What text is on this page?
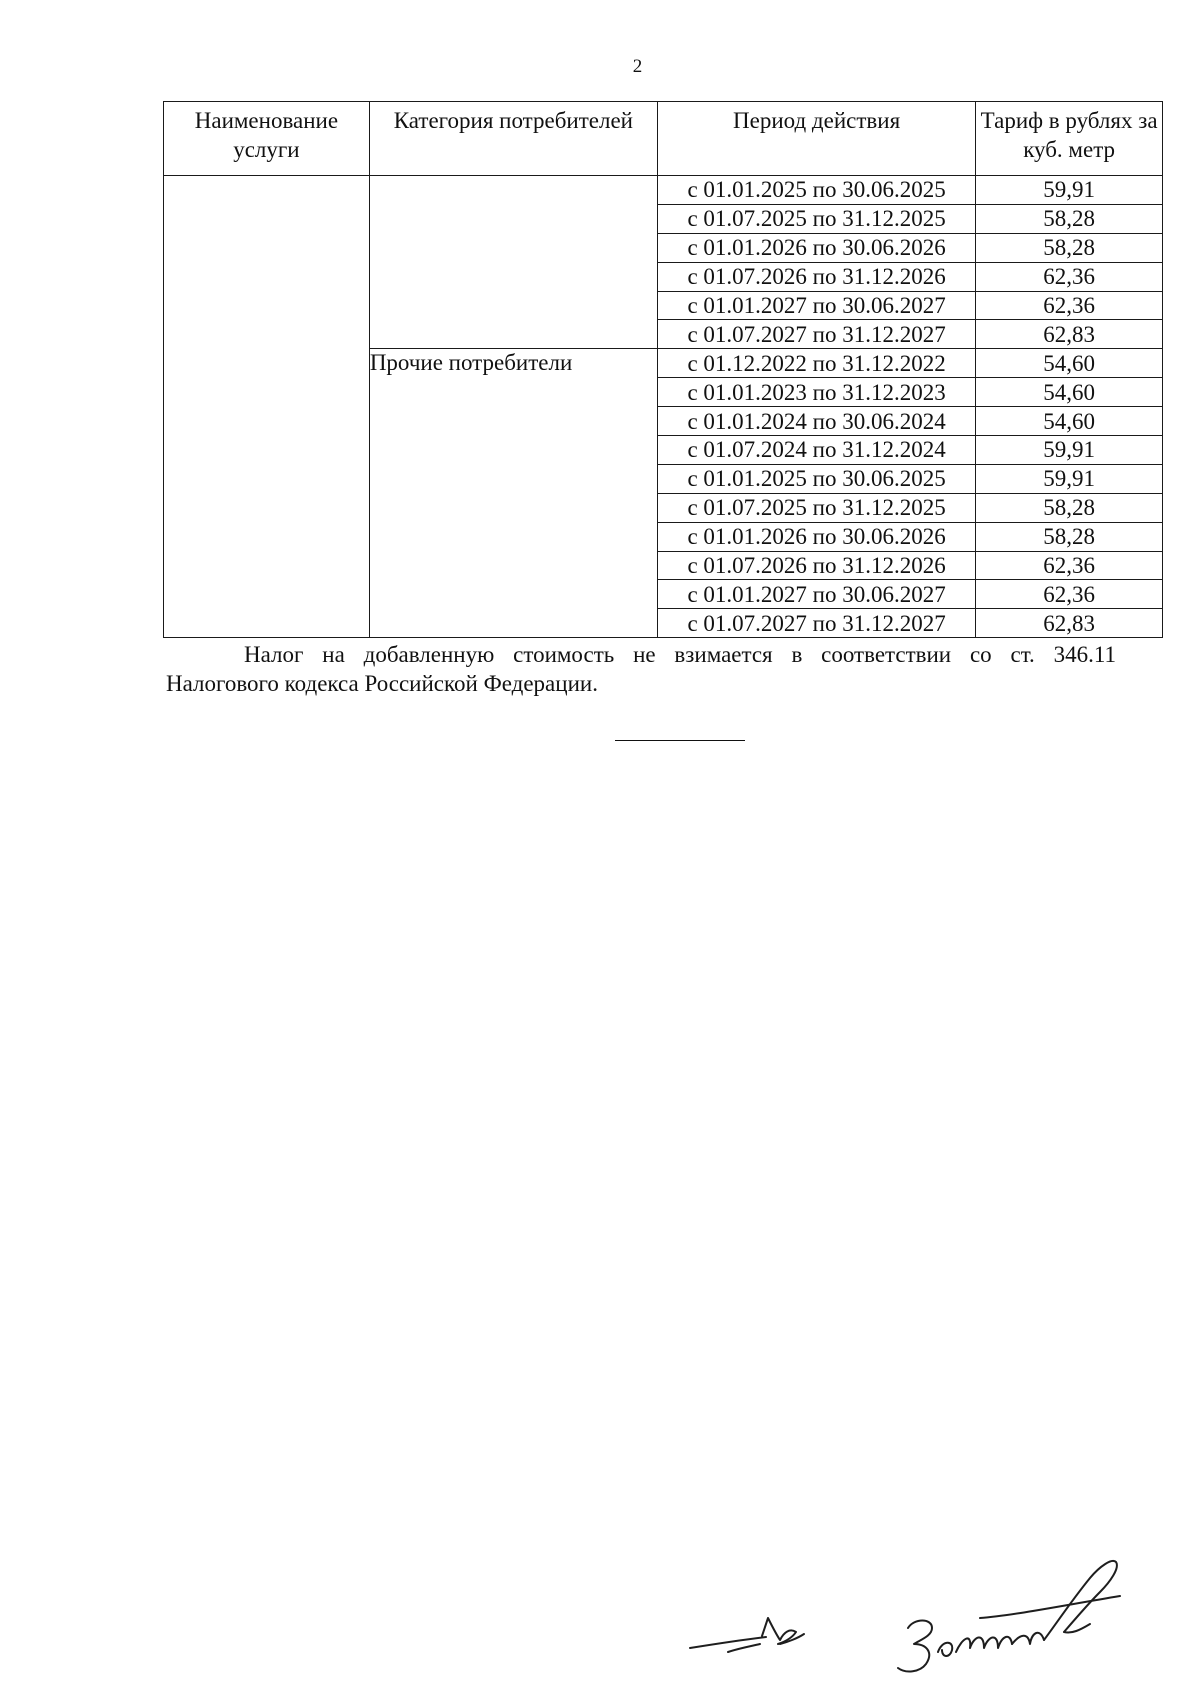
2
Наименование услуги	Категория потребителей	Период действия	Тариф в рублях за куб. метр
		с 01.01.2025 по 30.06.2025	59,91
		с 01.07.2025 по 31.12.2025	58,28
		с 01.01.2026 по 30.06.2026	58,28
		с 01.07.2026 по 31.12.2026	62,36
		с 01.01.2027 по 30.06.2027	62,36
		с 01.07.2027 по 31.12.2027	62,83
	Прочие потребители	с 01.12.2022 по 31.12.2022	54,60
		с 01.01.2023 по 31.12.2023	54,60
		с 01.01.2024 по 30.06.2024	54,60
		с 01.07.2024 по 31.12.2024	59,91
		с 01.01.2025 по 30.06.2025	59,91
		с 01.07.2025 по 31.12.2025	58,28
		с 01.01.2026 по 30.06.2026	58,28
		с 01.07.2026 по 31.12.2026	62,36
		с 01.01.2027 по 30.06.2027	62,36
		с 01.07.2027 по 31.12.2027	62,83

Налог на добавленную стоимость не взимается в соответствии со ст. 346.11

Налогового кодекса Российской Федерации.
